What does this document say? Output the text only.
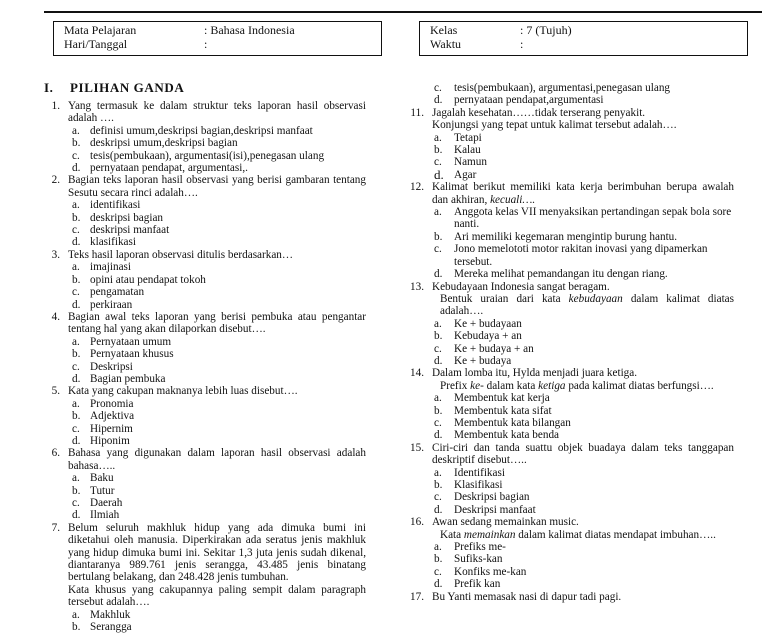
Mata Pelajaran	: Bahasa Indonesia
Hari/Tanggal	:
Kelas	: 7 (Tujuh)
Waktu	:
I. PILIHAN GANDA
1. Yang termasuk ke dalam struktur teks laporan hasil observasi adalah ….
a. definisi umum,deskripsi bagian,deskripsi manfaat
b. deskripsi umum,deskripsi bagian
c. tesis(pembukaan), argumentasi(isi),penegasan ulang
d. pernyataan pendapat, argumentasi,.
2. Bagian teks laporan hasil observasi yang berisi gambaran tentang Sesutu secara rinci adalah….
a. identifikasi
b. deskripsi bagian
c. deskripsi manfaat
d. klasifikasi
3. Teks hasil laporan observasi ditulis berdasarkan…
a. imajinasi
b. opini atau pendapat tokoh
c. pengamatan
d. perkiraan
4. Bagian awal teks laporan yang berisi pembuka atau pengantar tentang hal yang akan dilaporkan disebut….
a. Pernyataan umum
b. Pernyataan khusus
c. Deskripsi
d. Bagian pembuka
5. Kata yang cakupan maknanya lebih luas disebut….
a. Pronomia
b. Adjektiva
c. Hipernim
d. Hiponim
6. Bahasa yang digunakan dalam laporan hasil observasi adalah bahasa…..
a. Baku
b. Tutur
c. Daerah
d. Ilmiah
7. Belum seluruh makhluk hidup yang ada dimuka bumi ini diketahui oleh manusia. Diperkirakan ada seratus jenis makhluk yang hidup dimuka bumi ini. Sekitar 1,3 juta jenis sudah dikenal, diantaranya 989.761 jenis serangga, 43.485 jenis binatang bertulang belakang, dan 248.428 jenis tumbuhan.
Kata khusus yang cakupannya paling sempit dalam paragraph tersebut adalah….
a. Makhluk
b. Serangga
c. tesis(pembukaan), argumentasi,penegasan ulang
d. pernyataan pendapat,argumentasi
11. Jagalah kesehatan……tidak terserang penyakit.
Konjungsi yang tepat untuk kalimat tersebut adalah….
a. Tetapi
b. Kalau
c. Namun
d. Agar
12. Kalimat berikut memiliki kata kerja berimbuhan berupa awalah dan akhiran, kecuali….
a. Anggota kelas VII menyaksikan pertandingan sepak bola sore nanti.
b. Ari memiliki kegemaran mengintip burung hantu.
c. Jono memelototi motor rakitan inovasi yang dipamerkan tersebut.
d. Mereka melihat pemandangan itu dengan riang.
13. Kebudayaan Indonesia sangat beragam.
Bentuk uraian dari kata kebudayaan dalam kalimat diatas adalah….
a. Ke + budayaan
b. Kebudaya + an
c. Ke + budaya + an
d. Ke + budaya
14. Dalam lomba itu, Hylda menjadi juara ketiga.
Prefix ke- dalam kata ketiga pada kalimat diatas berfungsi….
a. Membentuk kat kerja
b. Membentuk kata sifat
c. Membentuk kata bilangan
d. Membentuk kata benda
15. Ciri-ciri dan tanda suattu objek buadaya dalam teks tanggapan deskriptif disebut…..
a. Identifikasi
b. Klasifikasi
c. Deskripsi bagian
d. Deskripsi manfaat
16. Awan sedang memainkan music.
Kata memainkan dalam kalimat diatas mendapat imbuhan…..
a. Prefiks me-
b. Sufiks-kan
c. Konfiks me-kan
d. Prefik kan
17. Bu Yanti memasak nasi di dapur tadi pagi.
